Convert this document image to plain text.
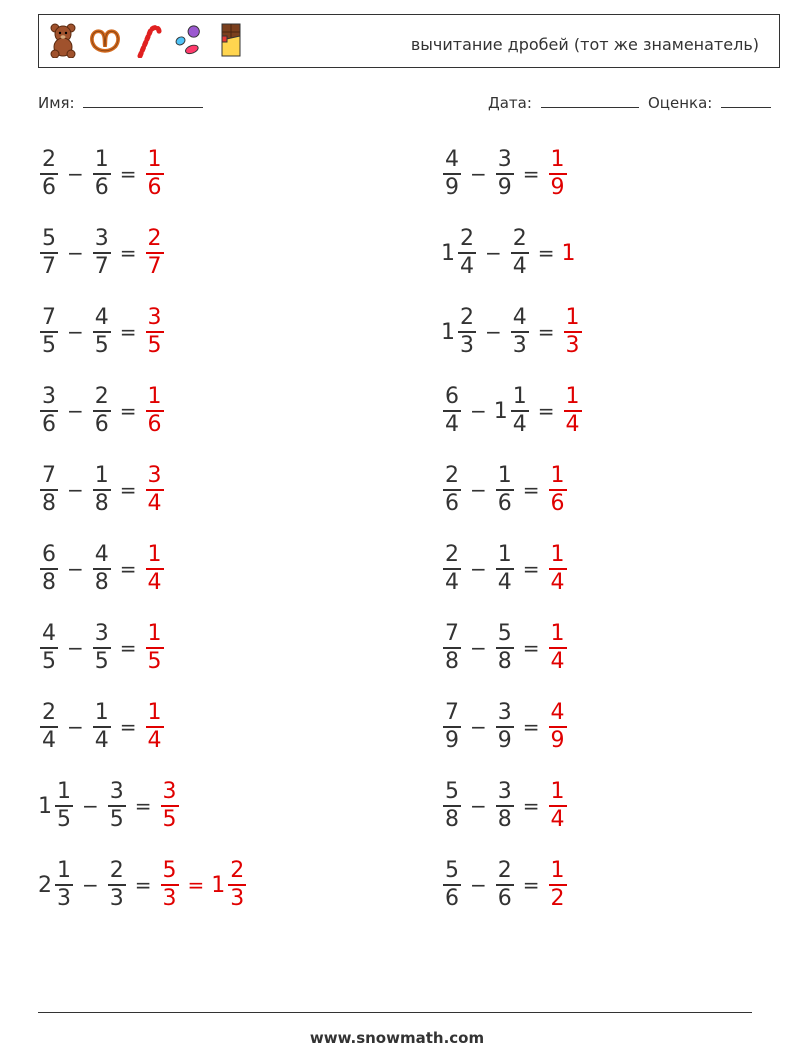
вычитание дробей (тот же знаменатель)
Имя:	Дата:	Оценка:
$\frac{2}{6} - \frac{1}{6} = \frac{1}{6}$
$\frac{5}{7} - \frac{3}{7} = \frac{2}{7}$
$\frac{7}{5} - \frac{4}{5} = \frac{3}{5}$
$\frac{3}{6} - \frac{2}{6} = \frac{1}{6}$
$\frac{7}{8} - \frac{1}{8} = \frac{3}{4}$
$\frac{6}{8} - \frac{4}{8} = \frac{1}{4}$
$\frac{4}{5} - \frac{3}{5} = \frac{1}{5}$
$\frac{2}{4} - \frac{1}{4} = \frac{1}{4}$
$1 \frac{1}{5} - \frac{3}{5} = \frac{3}{5}$
$2 \frac{1}{3} - \frac{2}{3} = \frac{5}{3} = 1 \frac{2}{3}$
$\frac{4}{9} - \frac{3}{9} = \frac{1}{9}$
$1 \frac{2}{4} - \frac{2}{4} = 1$
$1 \frac{2}{3} - \frac{4}{3} = \frac{1}{3}$
$\frac{6}{4} - 1 \frac{1}{4} = \frac{1}{4}$
$\frac{2}{6} - \frac{1}{6} = \frac{1}{6}$
$\frac{2}{4} - \frac{1}{4} = \frac{1}{4}$
$\frac{7}{8} - \frac{5}{8} = \frac{1}{4}$
$\frac{7}{9} - \frac{3}{9} = \frac{4}{9}$
$\frac{5}{8} - \frac{3}{8} = \frac{1}{4}$
$\frac{5}{6} - \frac{2}{6} = \frac{1}{2}$
www.snowmath.com
